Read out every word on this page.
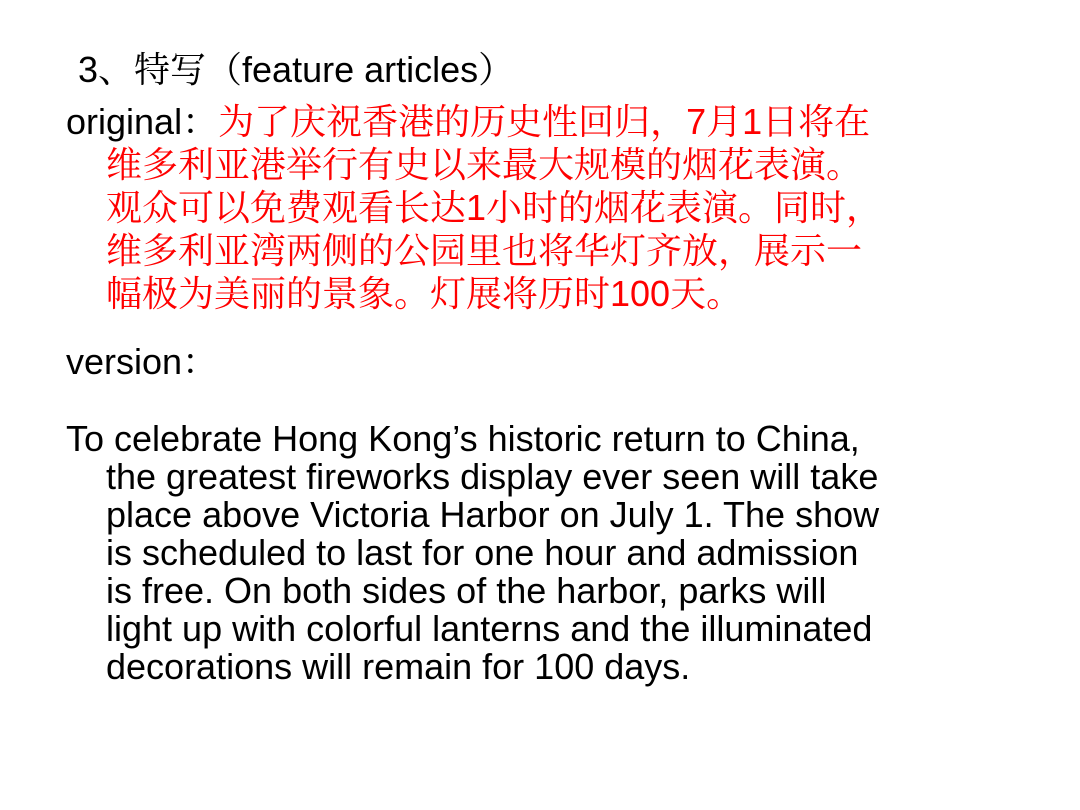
3、特写（feature articles）
original：为了庆祝香港的历史性回归，7月1日将在
维多利亚港举行有史以来最大规模的烟花表演。
观众可以免费观看长达1小时的烟花表演。同时，
维多利亚湾两侧的公园里也将华灯齐放，展示一
幅极为美丽的景象。灯展将历时100天。
version：
To celebrate Hong Kong’s historic return to China,
the greatest fireworks display ever seen will take
place above Victoria Harbor on July 1. The show
is scheduled to last for one hour and admission
is free. On both sides of the harbor, parks will
light up with colorful lanterns and the illuminated
decorations will remain for 100 days.
